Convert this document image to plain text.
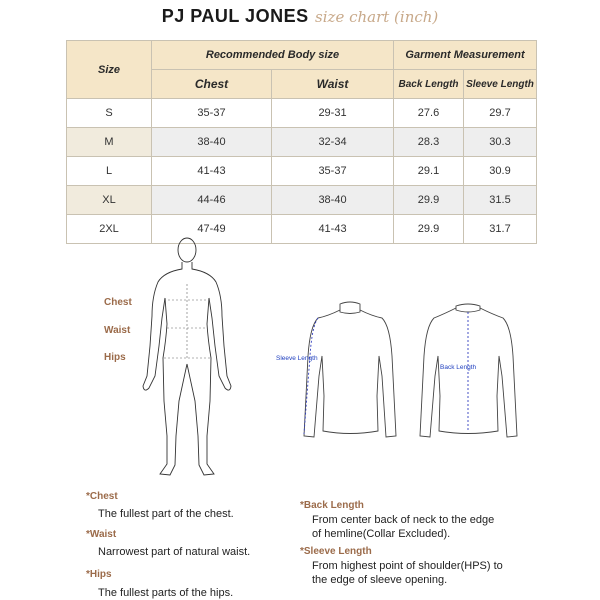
PJ PAUL JONES size chart (inch)
Size	Recommended Body size		Garment Measurement	
	Chest	Waist	Back Length	Sleeve Length
S	35-37	29-31	27.6	29.7
M	38-40	32-34	28.3	30.3
L	41-43	35-37	29.1	30.9
XL	44-46	38-40	29.9	31.5
2XL	47-49	41-43	29.9	31.7
Chest
Waist
Hips	Sleeve Length
Back Length
*Chest
The fullest part of the chest.
*Waist
Narrowest part of natural waist.
*Hips
The fullest parts of the hips.
*Back Length
From center back of neck to the edge
of hemline(Collar Excluded).
*Sleeve Length
From highest point of shoulder(HPS) to
the edge of sleeve opening.
